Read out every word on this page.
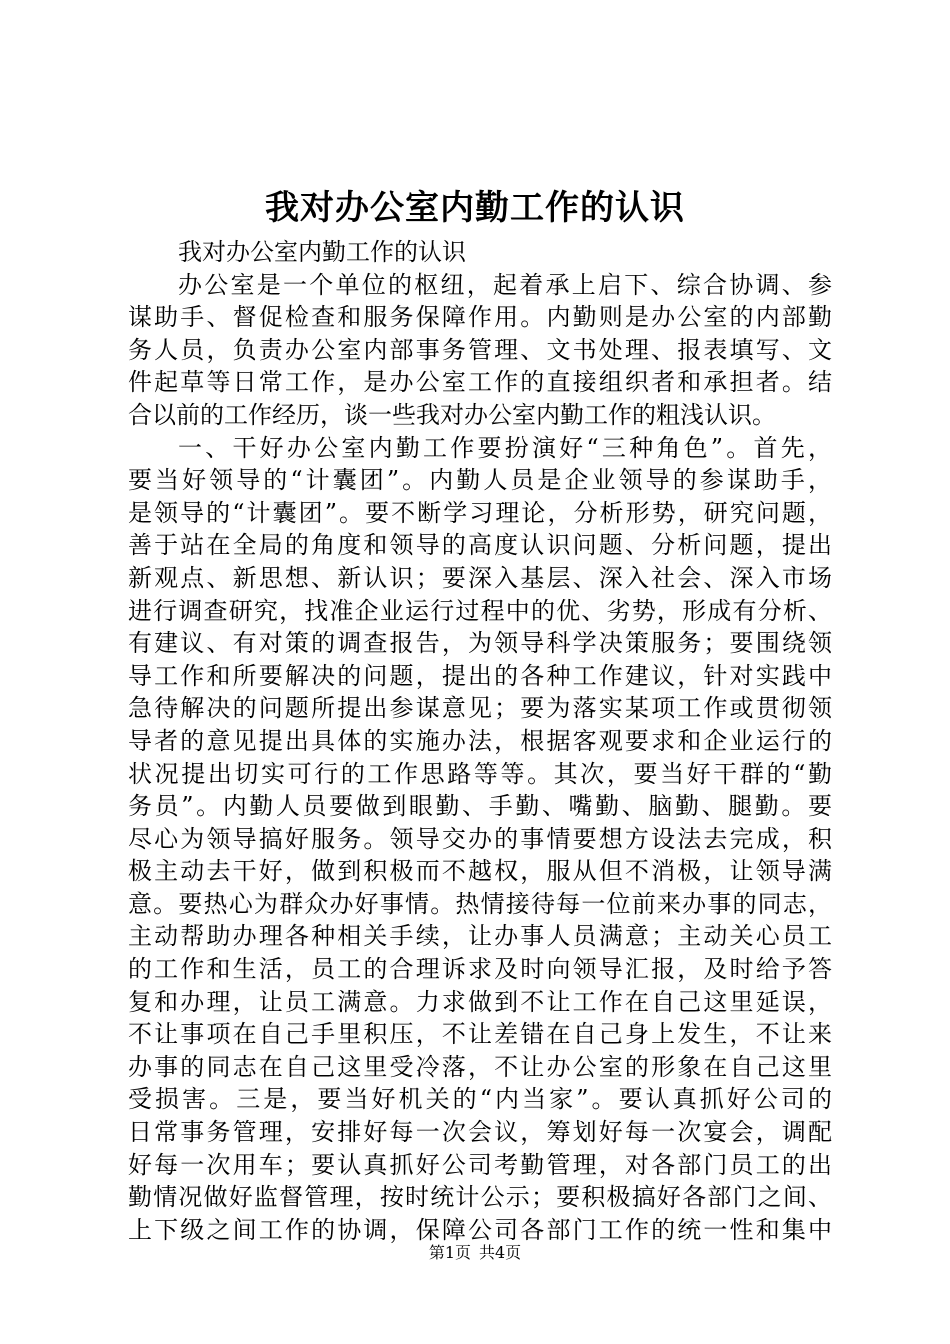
我对办公室内勤工作的认识
我对办公室内勤工作的认识
办公室是一个单位的枢纽，起着承上启下、综合协调、参
谋助手、督促检查和服务保障作用。内勤则是办公室的内部勤
务人员，负责办公室内部事务管理、文书处理、报表填写、文
件起草等日常工作，是办公室工作的直接组织者和承担者。结
合以前的工作经历，谈一些我对办公室内勤工作的粗浅认识。
一、干好办公室内勤工作要扮演好“三种角色”。首先，
要当好领导的“计囊团”。内勤人员是企业领导的参谋助手，
是领导的“计囊团”。要不断学习理论，分析形势，研究问题，
善于站在全局的角度和领导的高度认识问题、分析问题，提出
新观点、新思想、新认识；要深入基层、深入社会、深入市场
进行调查研究，找准企业运行过程中的优、劣势，形成有分析、
有建议、有对策的调查报告，为领导科学决策服务；要围绕领
导工作和所要解决的问题，提出的各种工作建议，针对实践中
急待解决的问题所提出参谋意见；要为落实某项工作或贯彻领
导者的意见提出具体的实施办法，根据客观要求和企业运行的
状况提出切实可行的工作思路等等。其次，要当好干群的“勤
务员”。内勤人员要做到眼勤、手勤、嘴勤、脑勤、腿勤。要
尽心为领导搞好服务。领导交办的事情要想方设法去完成，积
极主动去干好，做到积极而不越权，服从但不消极，让领导满
意。要热心为群众办好事情。热情接待每一位前来办事的同志，
主动帮助办理各种相关手续，让办事人员满意；主动关心员工
的工作和生活，员工的合理诉求及时向领导汇报，及时给予答
复和办理，让员工满意。力求做到不让工作在自己这里延误，
不让事项在自己手里积压，不让差错在自己身上发生，不让来
办事的同志在自己这里受冷落，不让办公室的形象在自己这里
受损害。三是，要当好机关的“内当家”。要认真抓好公司的
日常事务管理，安排好每一次会议，筹划好每一次宴会，调配
好每一次用车；要认真抓好公司考勤管理，对各部门员工的出
勤情况做好监督管理，按时统计公示；要积极搞好各部门之间、
上下级之间工作的协调，保障公司各部门工作的统一性和集中
第1页 共4页
